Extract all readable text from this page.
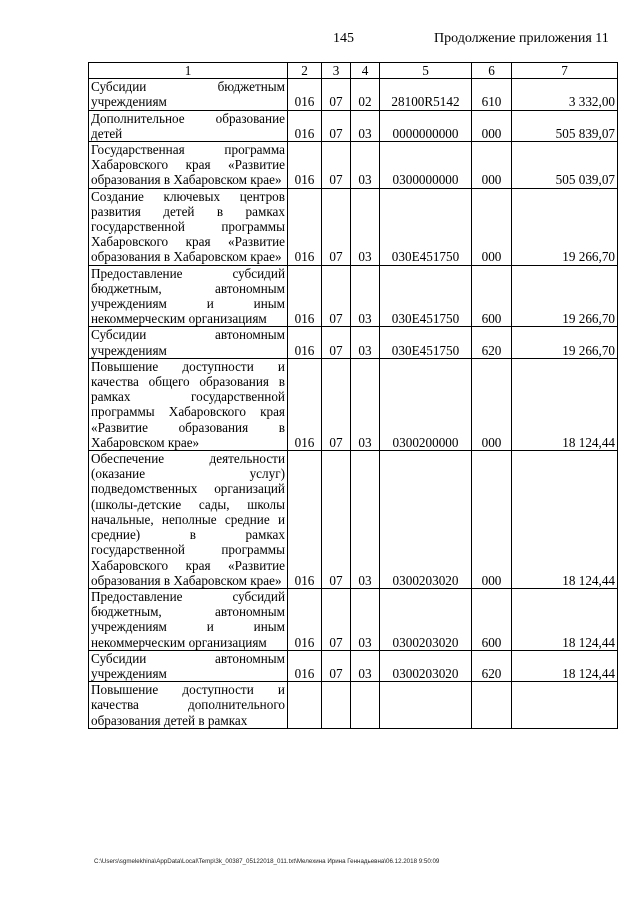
145	Продолжение приложения 11
1	2	3	4	5	6	7
Субсидии бюджетным учреждениям	016	07	02	28100R5142	610	3 332,00
Дополнительное образование детей	016	07	03	0000000000	000	505 839,07
Государственная программа Хабаровского края «Развитие образования в Хабаровском крае»	016	07	03	0300000000	000	505 039,07
Создание ключевых центров развития детей в рамках государственной программы Хабаровского края «Развитие образования в Хабаровском крае»	016	07	03	030Е451750	000	19 266,70
Предоставление субсидий бюджетным, автономным учреждениям и иным некоммерческим организациям	016	07	03	030Е451750	600	19 266,70
Субсидии автономным учреждениям	016	07	03	030Е451750	620	19 266,70
Повышение доступности и качества общего образования в рамках государственной программы Хабаровского края «Развитие образования в Хабаровском крае»	016	07	03	0300200000	000	18 124,44
Обеспечение деятельности (оказание услуг) подведомственных организаций (школы-детские сады, школы начальные, неполные средние и средние) в рамках государственной программы Хабаровского края «Развитие образования в Хабаровском крае»	016	07	03	0300203020	000	18 124,44
Предоставление субсидий бюджетным, автономным учреждениям и иным некоммерческим организациям	016	07	03	0300203020	600	18 124,44
Субсидии автономным учреждениям	016	07	03	0300203020	620	18 124,44
Повышение доступности и качества дополнительного образования детей в рамках						
C:\Users\sgmelekhina\AppData\Local\Temp\3k_00387_05122018_011.txt\Мелехина Ирина Геннадьевна\06.12.2018 9:50:09
